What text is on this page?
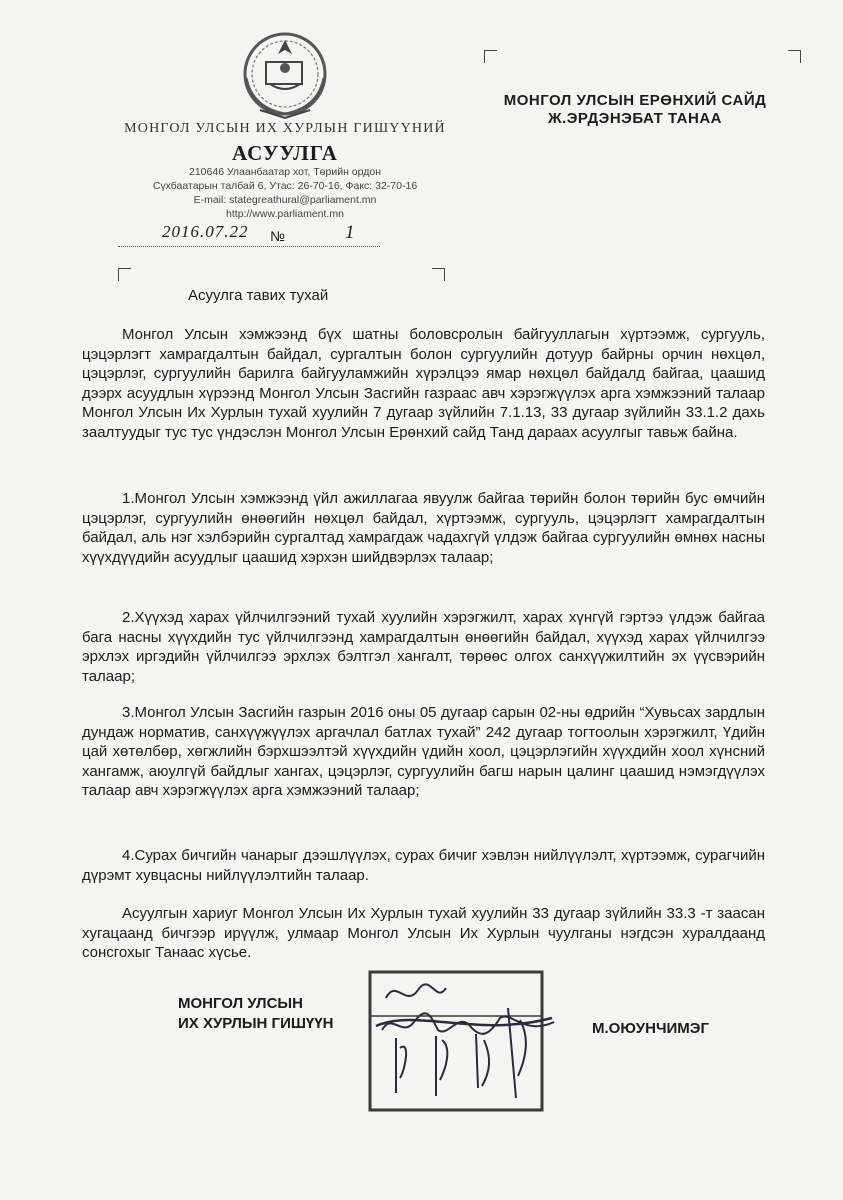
МОНГОЛ УЛСЫН ИХ ХУРЛЫН ГИШҮҮНИЙ
АСУУЛГА
210646 Улаанбаатар хот, Төрийн ордон
Сүхбаатарын талбай 6, Утас: 26-70-16, Факс: 32-70-16
E-mail: stategreathural@parliament.mn
http://www.parliament.mn
2016.07.22 №	1
МОНГОЛ УЛСЫН ЕРӨНХИЙ САЙД
Ж.ЭРДЭНЭБАТ ТАНАА
Асуулга тавих тухай

Монгол Улсын хэмжээнд бүх шатны боловсролын байгууллагын хүртээмж, сургууль, цэцэрлэгт хамрагдалтын байдал, сургалтын болон сургуулийн дотуур байрны орчин нөхцөл, цэцэрлэг, сургуулийн барилга байгууламжийн хүрэлцээ ямар нөхцөл байдалд байгаа, цаашид дээрх асуудлын хүрээнд Монгол Улсын Засгийн газраас авч хэрэгжүүлэх арга хэмжээний талаар Монгол Улсын Их Хурлын тухай хуулийн 7 дугаар зүйлийн 7.1.13, 33 дугаар зүйлийн 33.1.2 дахь заалтуудыг тус тус үндэслэн Монгол Улсын Ерөнхий сайд Танд дараах асуулгыг тавьж байна.

1.Монгол Улсын хэмжээнд үйл ажиллагаа явуулж байгаа төрийн болон төрийн бус өмчийн цэцэрлэг, сургуулийн өнөөгийн нөхцөл байдал, хүртээмж, сургууль, цэцэрлэгт хамрагдалтын байдал, аль нэг хэлбэрийн сургалтад хамрагдаж чадахгүй үлдэж байгаа сургуулийн өмнөх насны хүүхдүүдийн асуудлыг цаашид хэрхэн шийдвэрлэх талаар;

2.Хүүхэд харах үйлчилгээний тухай хуулийн хэрэгжилт, харах хүнгүй гэртээ үлдэж байгаа бага насны хүүхдийн тус үйлчилгээнд хамрагдалтын өнөөгийн байдал, хүүхэд харах үйлчилгээ эрхлэх иргэдийн үйлчилгээ эрхлэх бэлтгэл хангалт, төрөөс олгох санхүүжилтийн эх үүсвэрийн талаар;

3.Монгол Улсын Засгийн газрын 2016 оны 05 дугаар сарын 02-ны өдрийн “Хувьсах зардлын дундаж норматив, санхүүжүүлэх аргачлал батлах тухай” 242 дугаар тогтоолын хэрэгжилт, Үдийн цай хөтөлбөр, хөгжлийн бэрхшээлтэй хүүхдийн үдийн хоол, цэцэрлэгийн хүүхдийн хоол хүнсний хангамж, аюулгүй байдлыг хангах, цэцэрлэг, сургуулийн багш нарын цалинг цаашид нэмэгдүүлэх талаар авч хэрэгжүүлэх арга хэмжээний талаар;

4.Сурах бичгийн чанарыг дээшлүүлэх, сурах бичиг хэвлэн нийлүүлэлт, хүртээмж, сурагчийн дүрэмт хувцасны нийлүүлэлтийн талаар.

Асуулгын хариуг Монгол Улсын Их Хурлын тухай хуулийн 33 дугаар зүйлийн 33.3 -т заасан хугацаанд бичгээр ирүүлж, улмаар Монгол Улсын Их Хурлын чуулганы нэгдсэн хуралдаанд сонсгохыг Танаас хүсье.

МОНГОЛ УЛСЫН
ИХ ХУРЛЫН ГИШҮҮН	М.ОЮУНЧИМЭГ
